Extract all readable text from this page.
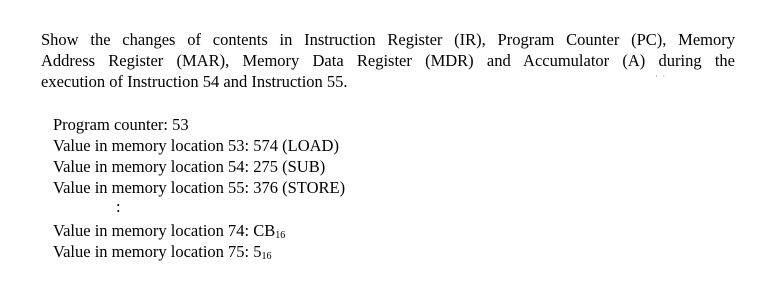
Show the changes of contents in Instruction Register (IR), Program Counter (PC), Memory
Address Register (MAR), Memory Data Register (MDR) and Accumulator (A) during the
execution of Instruction 54 and Instruction 55.	· ·
Program counter: 53
Value in memory location 53: 574 (LOAD)
Value in memory location 54: 275 (SUB)
Value in memory location 55: 376 (STORE)
:
Value in memory location 74: $CB_{16}$
Value in memory location 75: $5_{16}$
